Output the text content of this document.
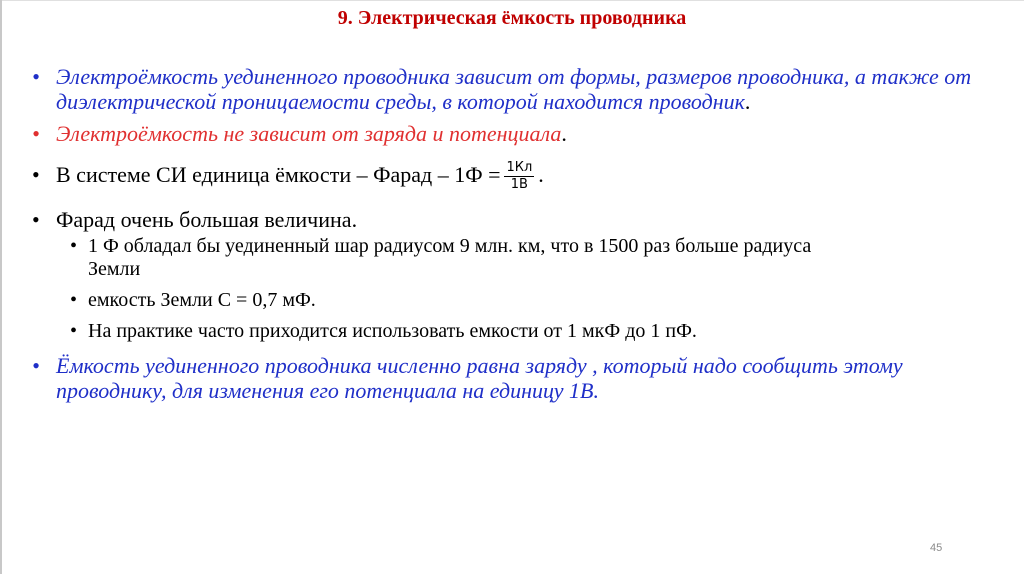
9. Электрическая ёмкость проводника
• Электроёмкость уединенного проводника зависит от формы, размеров проводника, а также от диэлектрической проницаемости среды, в которой находится проводник.
• Электроёмкость не зависит от заряда и потенциала.
• В системе СИ единица ёмкости – Фарад – $1Ф = \frac{1Кл}{1В}$ .
• Фарад очень большая величина.
• 1 Ф обладал бы уединенный шар радиусом 9 млн. км, что в 1500 раз больше радиуса Земли
• емкость Земли С = 0,7 мФ.
• На практике часто приходится использовать емкости от 1 мкФ до 1 пФ.
• Ёмкость уединенного проводника численно равна заряду , который надо сообщить этому проводнику, для изменения его потенциала на единицу 1В.
45
